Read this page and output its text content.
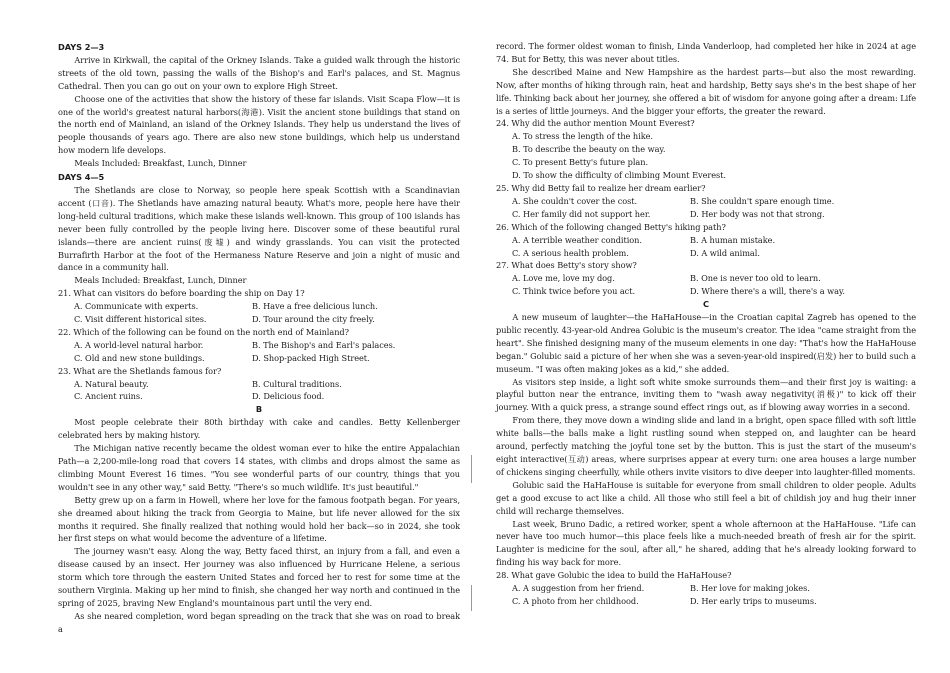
DAYS 2—3

Arrive in Kirkwall, the capital of the Orkney Islands. Take a guided walk through the historic streets of the old town, passing the walls of the Bishop's and Earl's palaces, and St. Magnus Cathedral. Then you can go out on your own to explore High Street.

Choose one of the activities that show the history of these far islands. Visit Scapa Flow—it is one of the world's greatest natural harbors(海港). Visit the ancient stone buildings that stand on the north end of Mainland, an island of the Orkney Islands. They help us understand the lives of people thousands of years ago. There are also new stone buildings, which help us understand how modern life develops.

Meals Included: Breakfast, Lunch, Dinner

DAYS 4—5

The Shetlands are close to Norway, so people here speak Scottish with a Scandinavian accent (口音). The Shetlands have amazing natural beauty. What's more, people here have their long-held cultural traditions, which make these islands well-known. This group of 100 islands has never been fully controlled by the people living here. Discover some of these beautiful rural islands—there are ancient ruins(废墟) and windy grasslands. You can visit the protected Burrafirth Harbor at the foot of the Hermaness Nature Reserve and join a night of music and dance in a community hall.

Meals Included: Breakfast, Lunch, Dinner

21. What can visitors do before boarding the ship on Day 1?

A. Communicate with experts.	B. Have a free delicious lunch.
C. Visit different historical sites.	D. Tour around the city freely.

22. Which of the following can be found on the north end of Mainland?

A. A world-level natural harbor.	B. The Bishop's and Earl's palaces.
C. Old and new stone buildings.	D. Shop-packed High Street.

23. What are the Shetlands famous for?

A. Natural beauty.	B. Cultural traditions.
C. Ancient ruins.	D. Delicious food.

B

Most people celebrate their 80th birthday with cake and candles. Betty Kellenberger celebrated hers by making history.

The Michigan native recently became the oldest woman ever to hike the entire Appalachian Path—a 2,200-mile-long road that covers 14 states, with climbs and drops almost the same as climbing Mount Everest 16 times. "You see wonderful parts of our country, things that you wouldn't see in any other way," said Betty. "There's so much wildlife. It's just beautiful."

Betty grew up on a farm in Howell, where her love for the famous footpath began. For years, she dreamed about hiking the track from Georgia to Maine, but life never allowed for the six months it required. She finally realized that nothing would hold her back—so in 2024, she took her first steps on what would become the adventure of a lifetime.

The journey wasn't easy. Along the way, Betty faced thirst, an injury from a fall, and even a disease caused by an insect. Her journey was also influenced by Hurricane Helene, a serious storm which tore through the eastern United States and forced her to rest for some time at the southern Virginia. Making up her mind to finish, she changed her way north and continued in the spring of 2025, braving New England's mountainous part until the very end.

As she neared completion, word began spreading on the track that she was on road to break a

record. The former oldest woman to finish, Linda Vanderloop, had completed her hike in 2024 at age 74. But for Betty, this was never about titles.

She described Maine and New Hampshire as the hardest parts—but also the most rewarding. Now, after months of hiking through rain, heat and hardship, Betty says she's in the best shape of her life. Thinking back about her journey, she offered a bit of wisdom for anyone going after a dream: Life is a series of little journeys. And the bigger your efforts, the greater the reward.

24. Why did the author mention Mount Everest?

A. To stress the length of the hike.
B. To describe the beauty on the way.
C. To present Betty's future plan.
D. To show the difficulty of climbing Mount Everest.

25. Why did Betty fail to realize her dream earlier?

A. She couldn't cover the cost.	B. She couldn't spare enough time.
C. Her family did not support her.	D. Her body was not that strong.

26. Which of the following changed Betty's hiking path?

A. A terrible weather condition.	B. A human mistake.
C. A serious health problem.	D. A wild animal.

27. What does Betty's story show?

A. Love me, love my dog.	B. One is never too old to learn.
C. Think twice before you act.	D. Where there's a will, there's a way.

C

A new museum of laughter—the HaHaHouse—in the Croatian capital Zagreb has opened to the public recently. 43-year-old Andrea Golubic is the museum's creator. The idea "came straight from the heart". She finished designing many of the museum elements in one day: "That's how the HaHaHouse began." Golubic said a picture of her when she was a seven-year-old inspired(启发) her to build such a museum. "I was often making jokes as a kid," she added.

As visitors step inside, a light soft white smoke surrounds them—and their first joy is waiting: a playful button near the entrance, inviting them to "wash away negativity(消极)" to kick off their journey. With a quick press, a strange sound effect rings out, as if blowing away worries in a second.

From there, they move down a winding slide and land in a bright, open space filled with soft little white balls—the balls make a light rustling sound when stepped on, and laughter can be heard around, perfectly matching the joyful tone set by the button. This is just the start of the museum's eight interactive(互动) areas, where surprises appear at every turn: one area houses a large number of chickens singing cheerfully, while others invite visitors to dive deeper into laughter-filled moments.

Golubic said the HaHaHouse is suitable for everyone from small children to older people. Adults get a good excuse to act like a child. All those who still feel a bit of childish joy and hug their inner child will recharge themselves.

Last week, Bruno Dadic, a retired worker, spent a whole afternoon at the HaHaHouse. "Life can never have too much humor—this place feels like a much-needed breath of fresh air for the spirit. Laughter is medicine for the soul, after all," he shared, adding that he's already looking forward to finding his way back for more.

28. What gave Golubic the idea to build the HaHaHouse?

A. A suggestion from her friend.	B. Her love for making jokes.
C. A photo from her childhood.	D. Her early trips to museums.
